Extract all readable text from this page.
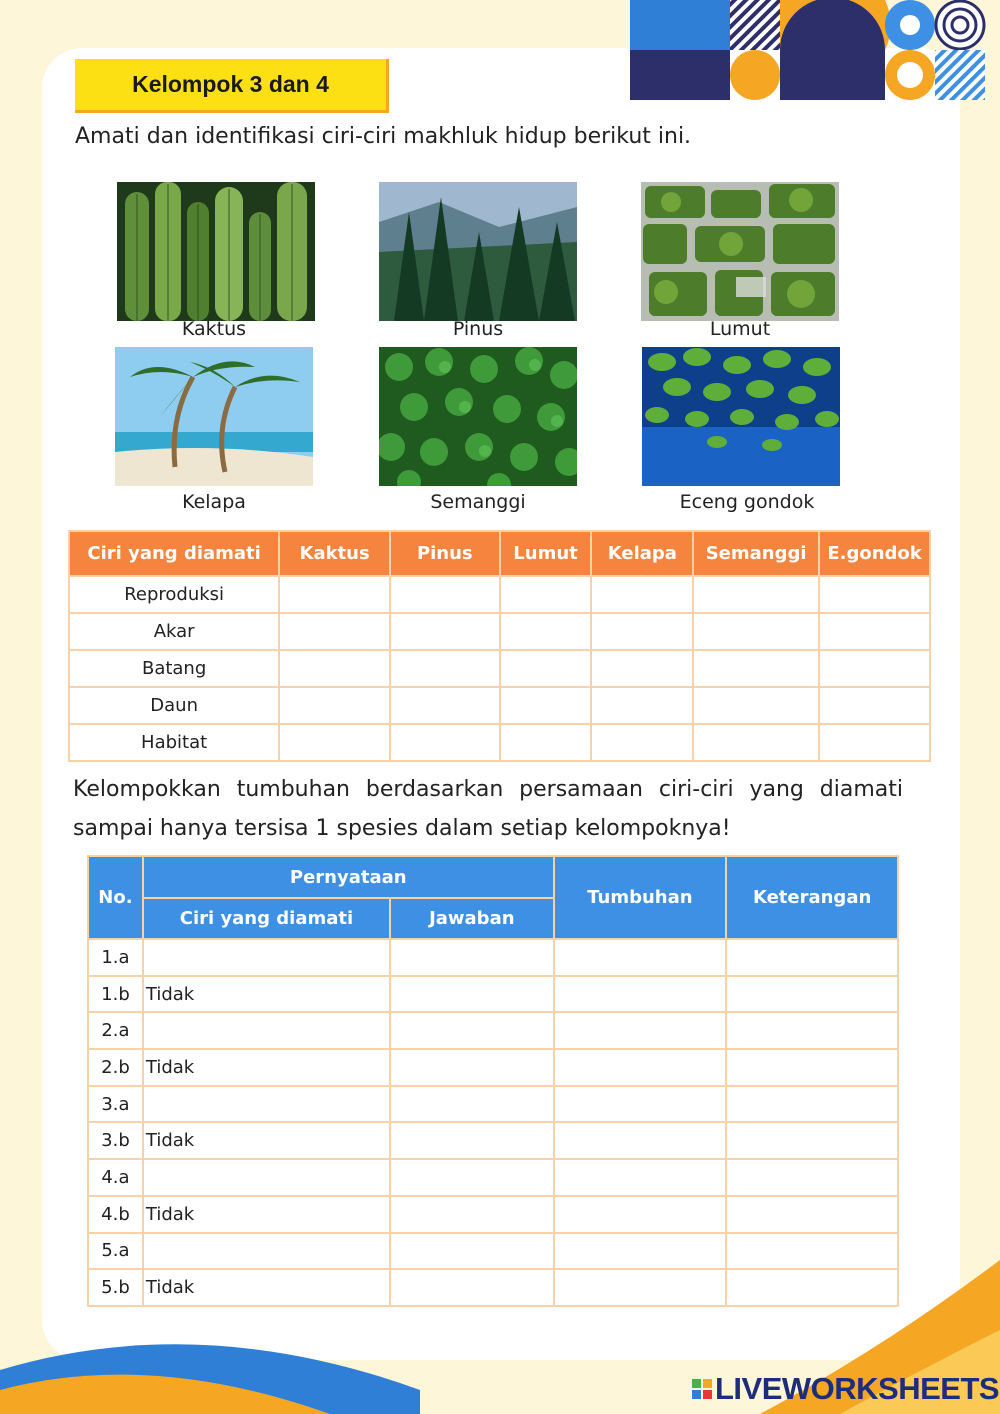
Kelompok 3 dan 4
Amati dan identifikasi ciri-ciri makhluk hidup berikut ini.
Kaktus	Pinus	Lumut
Kelapa	Semanggi	Eceng gondok
Ciri yang diamati	Kaktus	Pinus	Lumut	Kelapa	Semanggi	E.gondok
Reproduksi						
Akar						
Batang						
Daun						
Habitat						
Kelompokkan tumbuhan berdasarkan persamaan ciri-ciri yang diamati sampai hanya tersisa 1 spesies dalam setiap kelompoknya!
No.	Pernyataan		Tumbuhan	Keterangan
	Ciri yang diamati	Jawaban		
1.a				
1.b	Tidak			
2.a				
2.b	Tidak			
3.a				
3.b	Tidak			
4.a				
4.b	Tidak			
5.a				
5.b	Tidak			
LIVEWORKSHEETS
